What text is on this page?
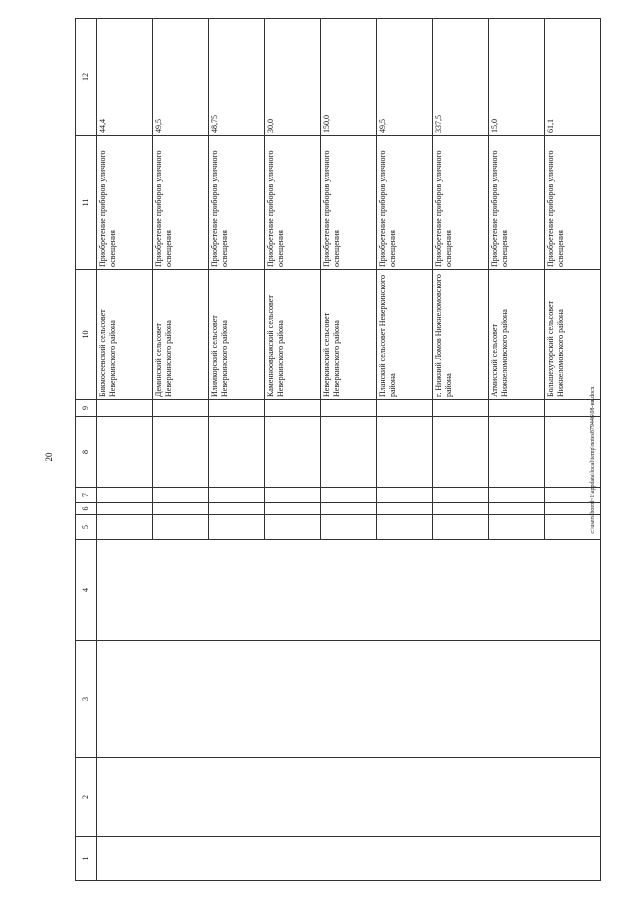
20	c:\users\borol~1\appdata\local\temp\notes879446\08-ия.docx
1	2	3	4	5	6	7	8	9	10	11	12
									Бикмосеевский сельсовет Неверкинского района	Приобретение приборов уличного освещения	44,4
									Деминский сельсовет Неверкинского района	Приобретение приборов уличного освещения	49,5
									Илимкорский сельсовет Неверкинского района	Приобретение приборов уличного освещения	48,75
									Каменноовражский сельсовет Неверкинского района	Приобретение приборов уличного освещения	30,0
									Неверкинский сельсовет Неверкинского района	Приобретение приборов уличного освещения	150,0
									Планский сельсовет Неверкинского района	Приобретение приборов уличного освещения	49,5
									г. Нижний Ломов Нижнеломовского района	Приобретение приборов уличного освещения	337,5
									Атмисский сельсовет Нижнеломовского района	Приобретение приборов уличного освещения	15,0
									Большехуторский сельсовет Нижнеломовского района	Приобретение приборов уличного освещения	61,1
